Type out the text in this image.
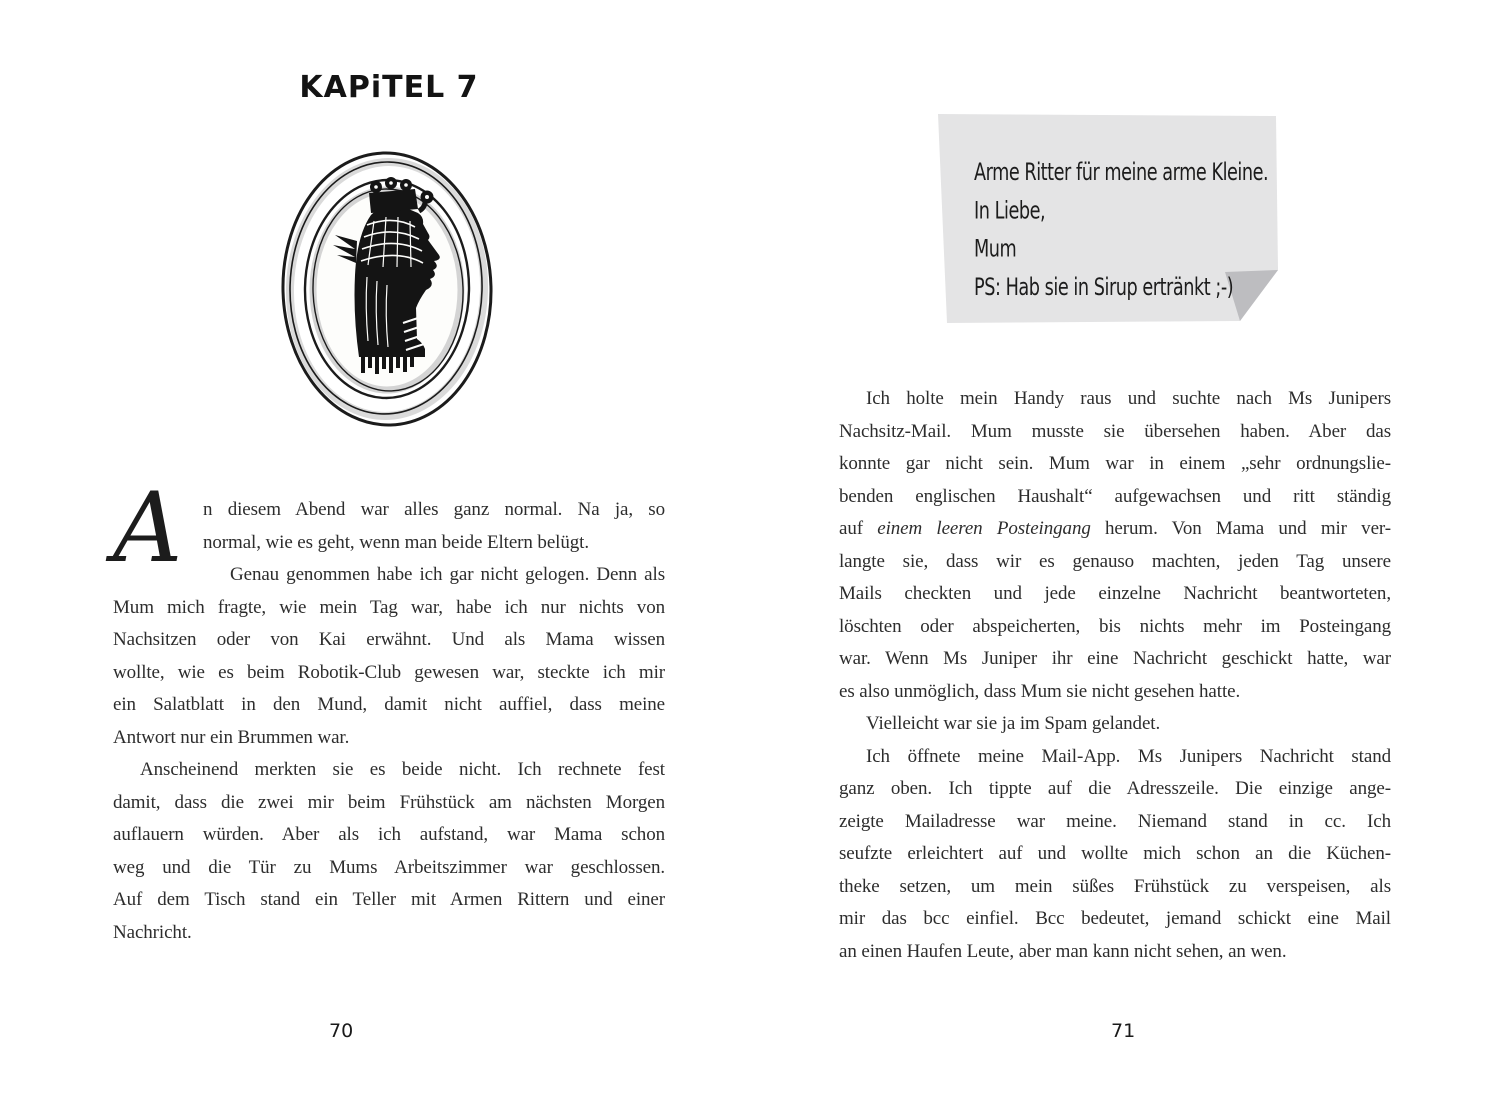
KAPiTEL 7
A	n diesem Abend war alles ganz normal. Na ja, so
normal, wie es geht, wenn man beide Eltern belügt.
Genau genommen habe ich gar nicht gelogen. Denn als
Mum mich fragte, wie mein Tag war, habe ich nur nichts von
Nachsitzen oder von Kai erwähnt. Und als Mama wissen
wollte, wie es beim Robotik-Club gewesen war, steckte ich mir
ein Salatblatt in den Mund, damit nicht auffiel, dass meine
Antwort nur ein Brummen war.
Anscheinend merkten sie es beide nicht. Ich rechnete fest
damit, dass die zwei mir beim Frühstück am nächsten Morgen
auflauern würden. Aber als ich aufstand, war Mama schon
weg und die Tür zu Mums Arbeitszimmer war geschlossen.
Auf dem Tisch stand ein Teller mit Armen Rittern und einer
Nachricht.
70
Arme Ritter für meine arme Kleine.
In Liebe,
Mum
PS: Hab sie in Sirup ertränkt ;-)
Ich holte mein Handy raus und suchte nach Ms Junipers
Nachsitz-Mail. Mum musste sie übersehen haben. Aber das
konnte gar nicht sein. Mum war in einem „sehr ordnungslie-
benden englischen Haushalt“ aufgewachsen und ritt ständig
auf einem leeren Posteingang herum. Von Mama und mir ver-
langte sie, dass wir es genauso machten, jeden Tag unsere
Mails checkten und jede einzelne Nachricht beantworteten,
löschten oder abspeicherten, bis nichts mehr im Posteingang
war. Wenn Ms Juniper ihr eine Nachricht geschickt hatte, war
es also unmöglich, dass Mum sie nicht gesehen hatte.
Vielleicht war sie ja im Spam gelandet.
Ich öffnete meine Mail-App. Ms Junipers Nachricht stand
ganz oben. Ich tippte auf die Adresszeile. Die einzige ange-
zeigte Mailadresse war meine. Niemand stand in cc. Ich
seufzte erleichtert auf und wollte mich schon an die Küchen-
theke setzen, um mein süßes Frühstück zu verspeisen, als
mir das bcc einfiel. Bcc bedeutet, jemand schickt eine Mail
an einen Haufen Leute, aber man kann nicht sehen, an wen.
71
